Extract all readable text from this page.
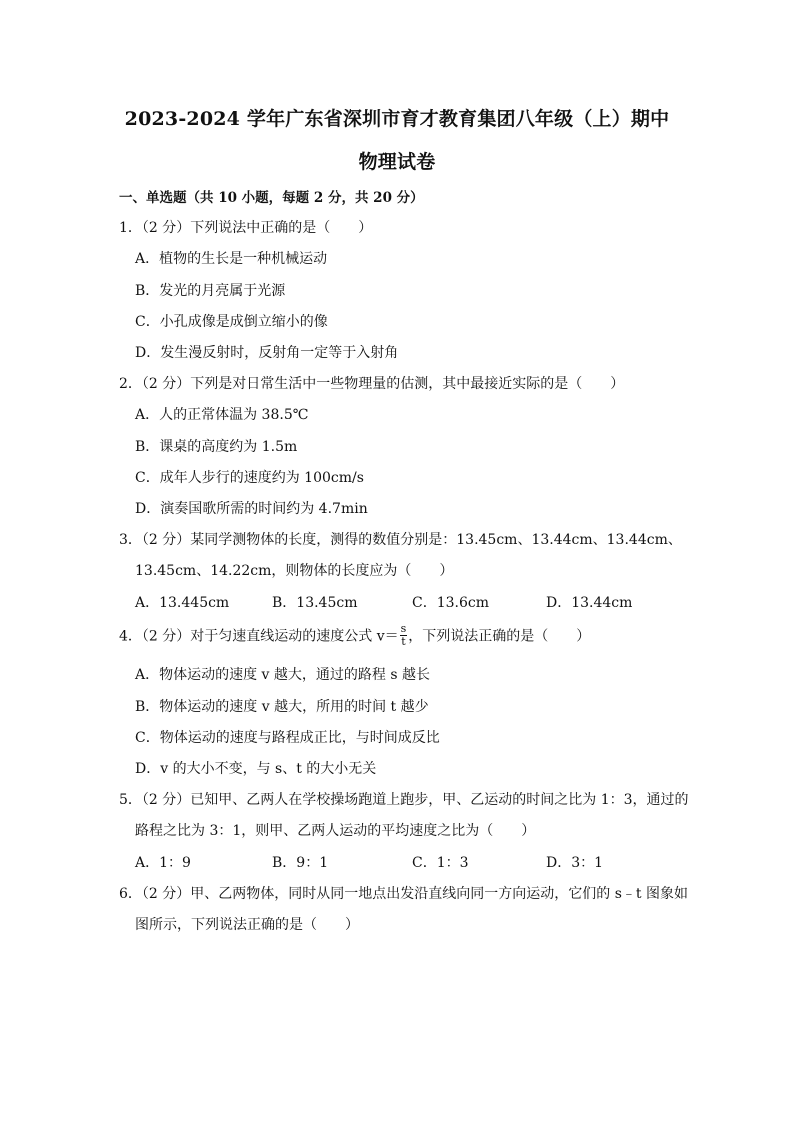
2023-2024 学年广东省深圳市育才教育集团八年级（上）期中
物理试卷
一、单选题（共 10 小题，每题 2 分，共 20 分）
1．（2 分）下列说法中正确的是（　　）
A．植物的生长是一种机械运动
B．发光的月亮属于光源
C．小孔成像是成倒立缩小的像
D．发生漫反射时，反射角一定等于入射角
2．（2 分）下列是对日常生活中一些物理量的估测，其中最接近实际的是（　　）
A．人的正常体温为 38.5℃
B．课桌的高度约为 1.5m
C．成年人步行的速度约为 100cm/s
D．演奏国歌所需的时间约为 4.7min
3．（2 分）某同学测物体的长度，测得的数值分别是：13.45cm、13.44cm、13.44cm、
13.45cm、14.22cm，则物体的长度应为（　　）
A．13.445cm	B．13.45cm	C．13.6cm	D．13.44cm
4．（2 分）对于匀速直线运动的速度公式 $v= \frac{s}{t}$ ，下列说法正确的是（　　）
A．物体运动的速度 v 越大，通过的路程 s 越长
B．物体运动的速度 v 越大，所用的时间 t 越少
C．物体运动的速度与路程成正比，与时间成反比
D．v 的大小不变，与 s、t 的大小无关
5．（2 分）已知甲、乙两人在学校操场跑道上跑步，甲、乙运动的时间之比为 1：3，通过的
路程之比为 3：1，则甲、乙两人运动的平均速度之比为（　　）
A．1：9	B．9：1	C．1：3	D．3：1
6．（2 分）甲、乙两物体，同时从同一地点出发沿直线向同一方向运动，它们的 s﹣t 图象如
图所示，下列说法正确的是（　　）
